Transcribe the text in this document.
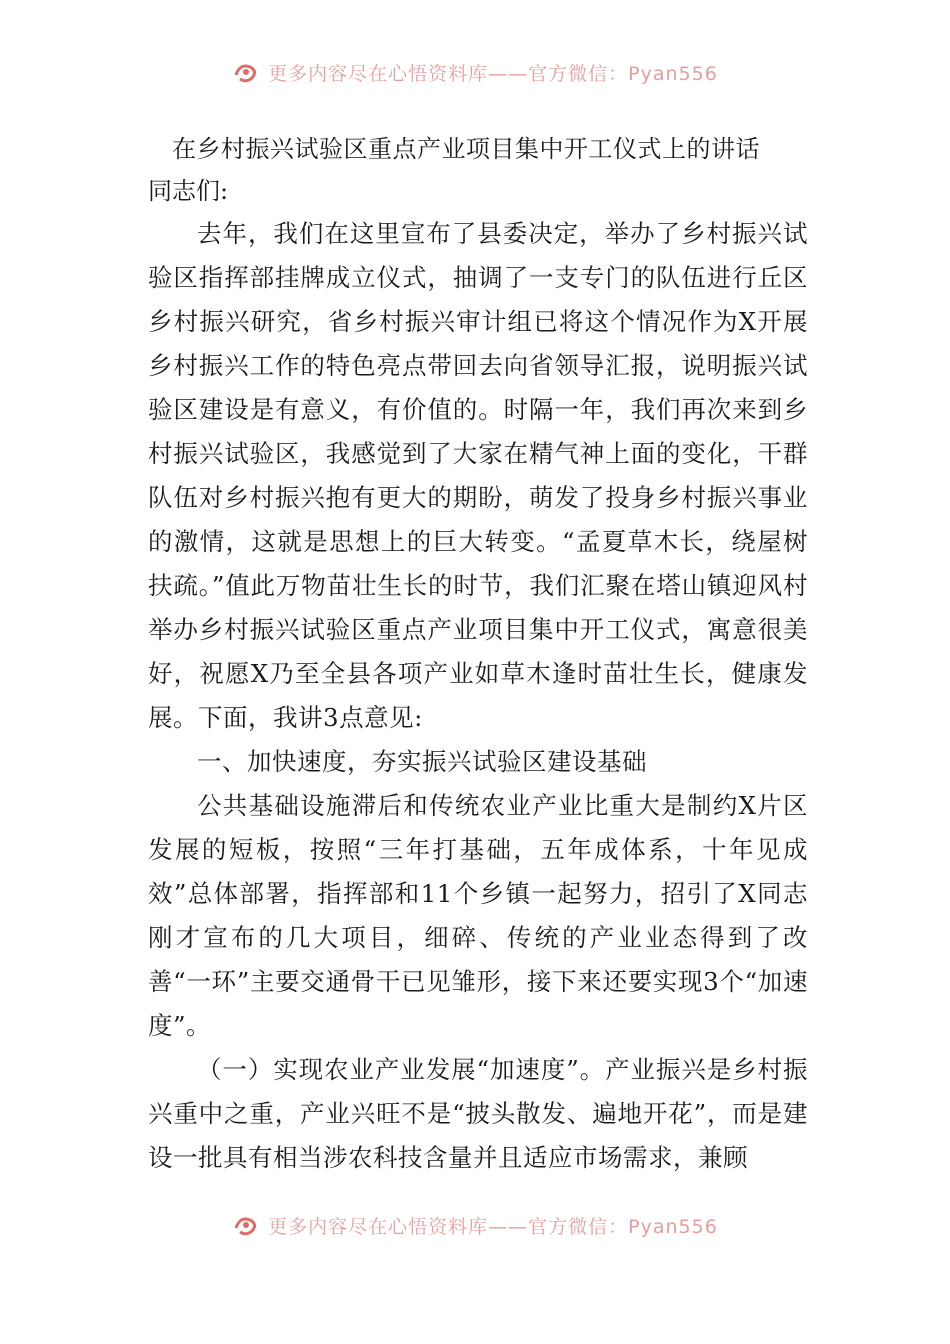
更多内容尽在心悟资料库——官方微信：Pyan556
在乡村振兴试验区重点产业项目集中开工仪式上的讲话
同志们:

去年，我们在这里宣布了县委决定，举办了乡村振兴试验区指挥部挂牌成立仪式，抽调了一支专门的队伍进行丘区乡村振兴研究，省乡村振兴审计组已将这个情况作为X开展乡村振兴工作的特色亮点带回去向省领导汇报，说明振兴试验区建设是有意义，有价值的。时隔一年，我们再次来到乡村振兴试验区，我感觉到了大家在精气神上面的变化，干群队伍对乡村振兴抱有更大的期盼，萌发了投身乡村振兴事业的激情，这就是思想上的巨大转变。“孟夏草木长，绕屋树扶疏。”值此万物苗壮生长的时节，我们汇聚在塔山镇迎风村举办乡村振兴试验区重点产业项目集中开工仪式，寓意很美好，祝愿X乃至全县各项产业如草木逢时苗壮生长，健康发展。下面，我讲3点意见:

一、加快速度，夯实振兴试验区建设基础

公共基础设施滞后和传统农业产业比重大是制约X片区发展的短板，按照“三年打基础，五年成体系，十年见成效”总体部署，指挥部和11个乡镇一起努力，招引了X同志刚才宣布的几大项目，细碎、传统的产业业态得到了改善“一环”主要交通骨干已见雏形，接下来还要实现3个“加速度”。

（一）实现农业产业发展“加速度”。产业振兴是乡村振兴重中之重，产业兴旺不是“披头散发、遍地开花”，而是建设一批具有相当涉农科技含量并且适应市场需求，兼顾

更多内容尽在心悟资料库——官方微信：Pyan556
